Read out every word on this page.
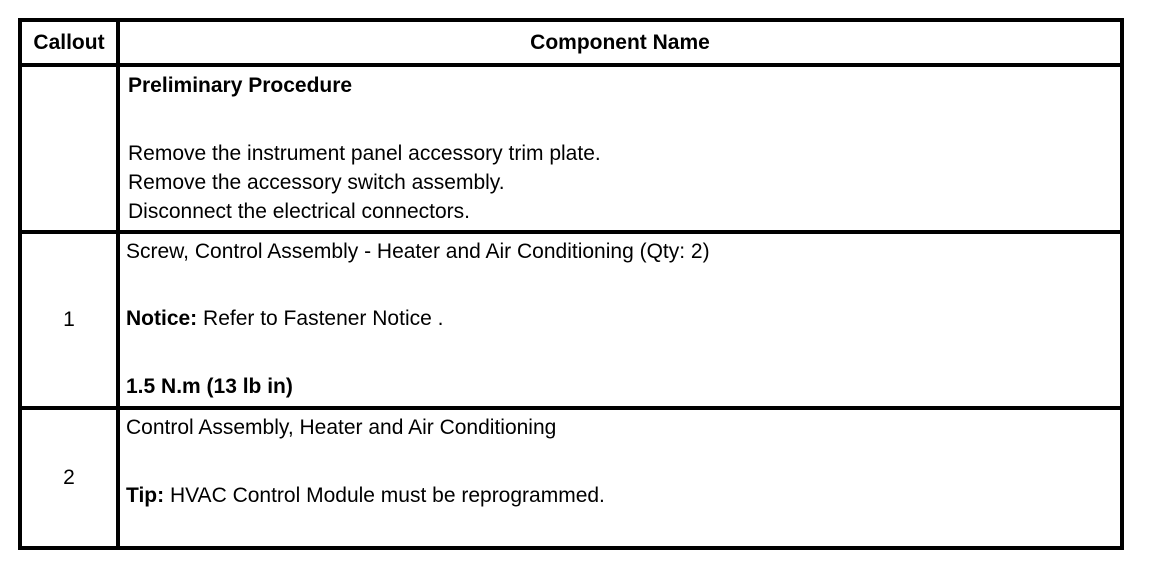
Callout	Component Name
Preliminary Procedure
Remove the instrument panel accessory trim plate.
Remove the accessory switch assembly.
Disconnect the electrical connectors.
1
Screw, Control Assembly - Heater and Air Conditioning (Qty: 2)
Notice: Refer to Fastener Notice .
1.5 N.m (13 lb in)
2
Control Assembly, Heater and Air Conditioning
Tip: HVAC Control Module must be reprogrammed.
